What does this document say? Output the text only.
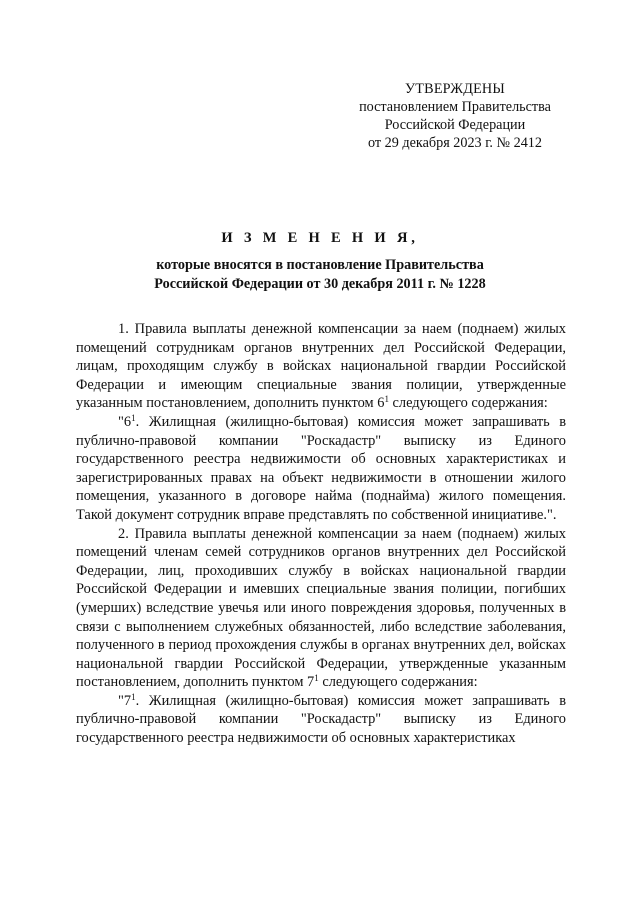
УТВЕРЖДЕНЫ
постановлением Правительства
Российской Федерации
от 29 декабря 2023 г. № 2412
И З М Е Н Е Н И Я,
которые вносятся в постановление Правительства
Российской Федерации от 30 декабря 2011 г. № 1228

1. Правила выплаты денежной компенсации за наем (поднаем) жилых помещений сотрудникам органов внутренних дел Российской Федерации, лицам, проходящим службу в войсках национальной гвардии Российской Федерации и имеющим специальные звания полиции, утвержденные указанным постановлением, дополнить пунктом $6^1$ следующего содержания:

"$6^1$. Жилищная (жилищно-бытовая) комиссия может запрашивать в публично-правовой компании "Роскадастр" выписку из Единого государственного реестра недвижимости об основных характеристиках и зарегистрированных правах на объект недвижимости в отношении жилого помещения, указанного в договоре найма (поднайма) жилого помещения. Такой документ сотрудник вправе представлять по собственной инициативе.".

2. Правила выплаты денежной компенсации за наем (поднаем) жилых помещений членам семей сотрудников органов внутренних дел Российской Федерации, лиц, проходивших службу в войсках национальной гвардии Российской Федерации и имевших специальные звания полиции, погибших (умерших) вследствие увечья или иного повреждения здоровья, полученных в связи с выполнением служебных обязанностей, либо вследствие заболевания, полученного в период прохождения службы в органах внутренних дел, войсках национальной гвардии Российской Федерации, утвержденные указанным постановлением, дополнить пунктом $7^1$ следующего содержания:

"$7^1$. Жилищная (жилищно-бытовая) комиссия может запрашивать в публично-правовой компании "Роскадастр" выписку из Единого государственного реестра недвижимости об основных характеристиках
